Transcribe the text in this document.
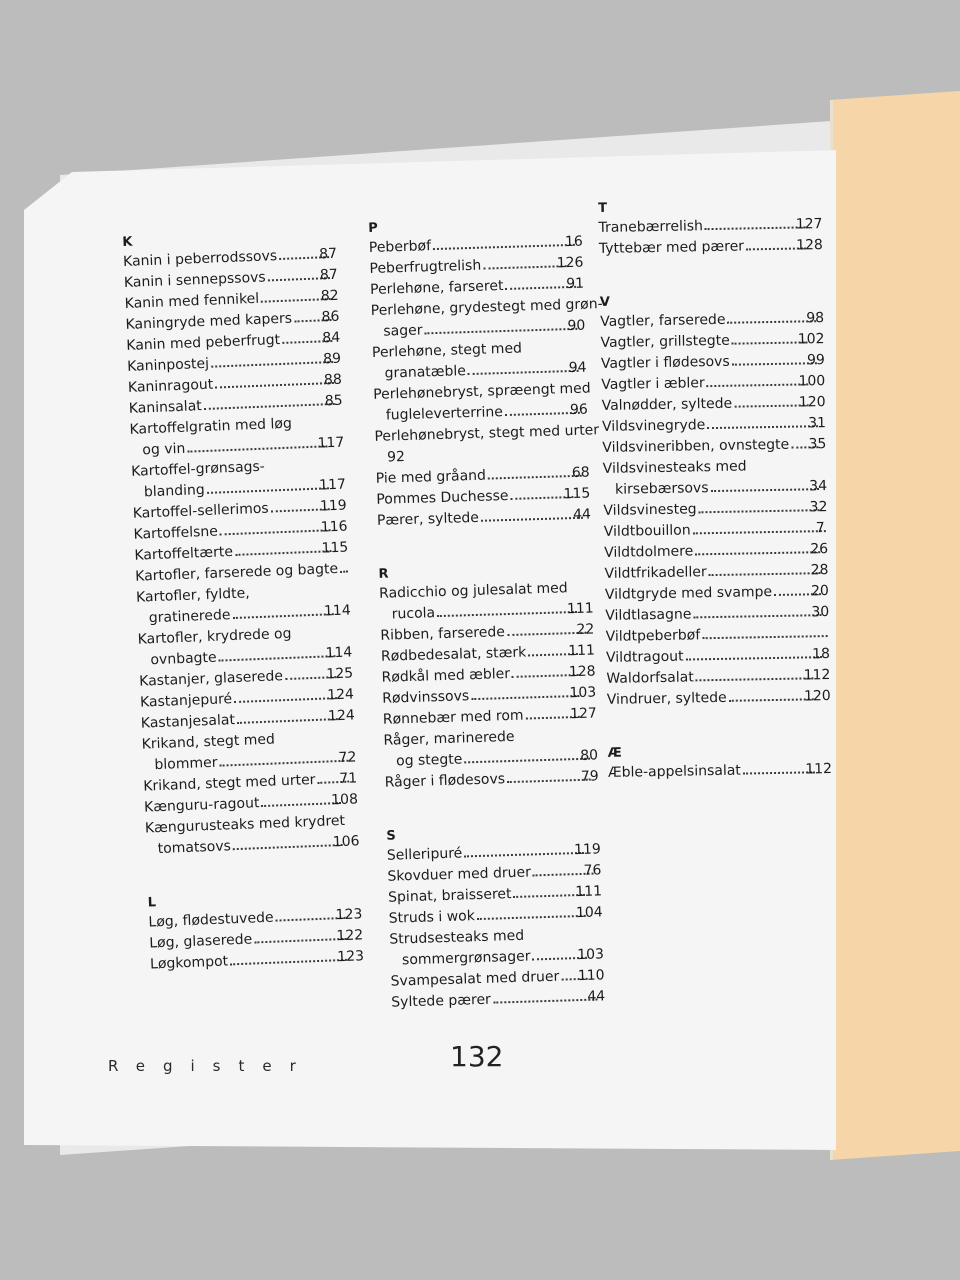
K
Kanin i peberrodssovs	87
Kanin i sennepssovs	87
Kanin med fennikel	82
Kaningryde med kapers 86
Kanin med peberfrugt	84
Kaninpostej	89
Kaninragout	88
Kaninsalat	85
Kartoffelgratin med løg
og vin	117
Kartoffel-grønsags-
blanding	117
Kartoffel-sellerimos	119
Kartoffelsne	116
Kartoffeltærte	115
Kartofler, farserede og bagte
Kartofler, fyldte,
gratinerede	114
Kartofler, krydrede og
ovnbagte	114
Kastanjer, glaserede	125
Kastanjepuré	124
Kastanjesalat	124
Krikand, stegt med
blommer	72
Krikand, stegt med urter 71
Kænguru-ragout	108
Kængurusteaks med krydret
tomatsovs	106
L
Løg, flødestuvede	123
Løg, glaserede	122
Løgkompot	123
P
Peberbøf	16
Peberfrugtrelish	126
Perlehøne, farseret	91
Perlehøne, grydestegt med grøn-
sager	90
Perlehøne, stegt med
granatæble	94
Perlehønebryst, spræengt med
fugleleverterrine	96
Perlehønebryst, stegt med urter
92
Pie med gråand	68
Pommes Duchesse	115
Pærer, syltede	44
R
Radicchio og julesalat med
rucola	111
Ribben, farserede	22
Rødbedesalat, stærk	111
Rødkål med æbler	128
Rødvinssovs	103
Rønnebær med rom	127
Råger, marinerede
og stegte	80
Råger i flødesovs	79
S
Selleripuré	119
Skovduer med druer	76
Spinat, braisseret	111
Struds i wok	104
Strudsesteaks med
sommergrønsager	103
Svampesalat med druer 110
Syltede pærer	44
T
Tranebærrelish	127
Tyttebær med pærer	128
V
Vagtler, farserede	98
Vagtler, grillstegte	102
Vagtler i flødesovs	99
Vagtler i æbler	100
Valnødder, syltede	120
Vildsvinegryde	31
Vildsvineribben, ovnstegte 35
Vildsvinesteaks med
kirsebærsovs	34
Vildsvinesteg	32
Vildtbouillon	7
Vildtdolmere	26
Vildtfrikadeller	28
Vildtgryde med svampe	20
Vildtlasagne	30
Vildtpeberbøf
Vildtragout	18
Waldorfsalat	112
Vindruer, syltede	120
Æ
Æble-appelsinsalat	112
Register	132
